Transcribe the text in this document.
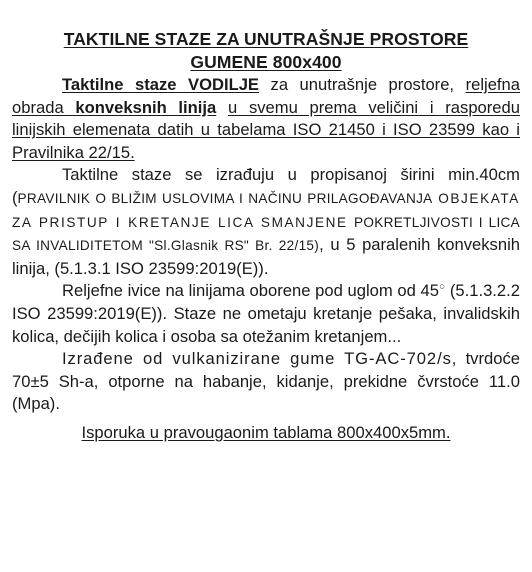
TAKTILNE STAZE ZA UNUTRAŠNJE PROSTORE
GUMENE 800x400

Taktilne staze VODILJE za unutrašnje prostore, reljefna obrada konveksnih linija u svemu prema veličini i rasporedu linijskih elemenata datih u tabelama ISO 21450 i ISO 23599 kao i Pravilnika 22/15.

Taktilne staze se izrađuju u propisanoj širini min.40cm (PRAVILNIK O BLIŽIM USLOVIMA I NAČINU PRILAGOĐAVANJA OBJEKATA ZA PRISTUP I KRETANJE LICA SMANJENE POKRETLJIVOSTI I LICA SA INVALIDITETOM "Sl.Glasnik RS" Br. 22/15), u 5 paralenih konveksnih linija, (5.1.3.1 ISO 23599:2019(E)).

Reljefne ivice na linijama oborene pod uglom od 45○ (5.1.3.2.2 ISO 23599:2019(E)). Staze ne ometaju kretanje pešaka, invalidskih kolica, dečijih kolica i osoba sa otežanim kretanjem...

Izrađene od vulkanizirane gume TG-AC-702/s, tvrdoće 70±5 Sh-a, otporne na habanje, kidanje, prekidne čvrstoće 11.0 (Mpa).

Isporuka u pravougaonim tablama 800x400x5mm.
